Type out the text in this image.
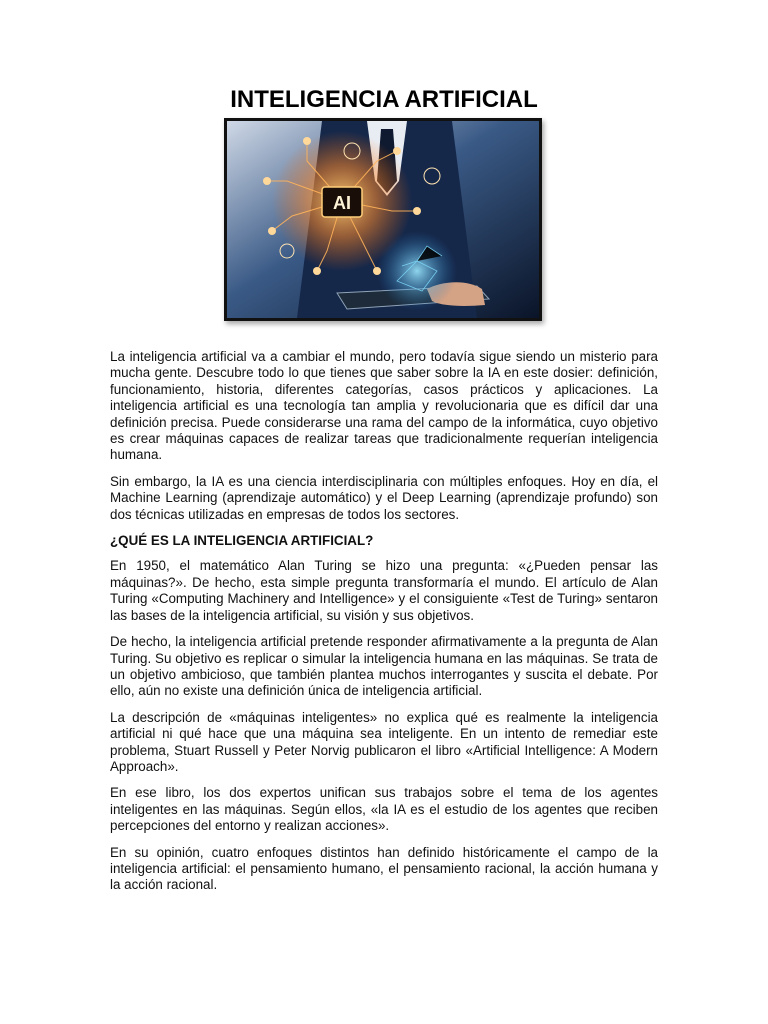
INTELIGENCIA ARTIFICIAL
AI

La inteligencia artificial va a cambiar el mundo, pero todavía sigue siendo un misterio para mucha gente. Descubre todo lo que tienes que saber sobre la IA en este dosier: definición, funcionamiento, historia, diferentes categorías, casos prácticos y aplicaciones. La inteligencia artificial es una tecnología tan amplia y revolucionaria que es difícil dar una definición precisa. Puede considerarse una rama del campo de la informática, cuyo objetivo es crear máquinas capaces de realizar tareas que tradicionalmente requerían inteligencia humana.

Sin embargo, la IA es una ciencia interdisciplinaria con múltiples enfoques. Hoy en día, el Machine Learning (aprendizaje automático) y el Deep Learning (aprendizaje profundo) son dos técnicas utilizadas en empresas de todos los sectores.

¿QUÉ ES LA INTELIGENCIA ARTIFICIAL?

En 1950, el matemático Alan Turing se hizo una pregunta: «¿Pueden pensar las máquinas?». De hecho, esta simple pregunta transformaría el mundo. El artículo de Alan Turing «Computing Machinery and Intelligence» y el consiguiente «Test de Turing» sentaron las bases de la inteligencia artificial, su visión y sus objetivos.

De hecho, la inteligencia artificial pretende responder afirmativamente a la pregunta de Alan Turing. Su objetivo es replicar o simular la inteligencia humana en las máquinas. Se trata de un objetivo ambicioso, que también plantea muchos interrogantes y suscita el debate. Por ello, aún no existe una definición única de inteligencia artificial.

La descripción de «máquinas inteligentes» no explica qué es realmente la inteligencia artificial ni qué hace que una máquina sea inteligente. En un intento de remediar este problema, Stuart Russell y Peter Norvig publicaron el libro «Artificial Intelligence: A Modern Approach».

En ese libro, los dos expertos unifican sus trabajos sobre el tema de los agentes inteligentes en las máquinas. Según ellos, «la IA es el estudio de los agentes que reciben percepciones del entorno y realizan acciones».

En su opinión, cuatro enfoques distintos han definido históricamente el campo de la inteligencia artificial: el pensamiento humano, el pensamiento racional, la acción humana y la acción racional.
